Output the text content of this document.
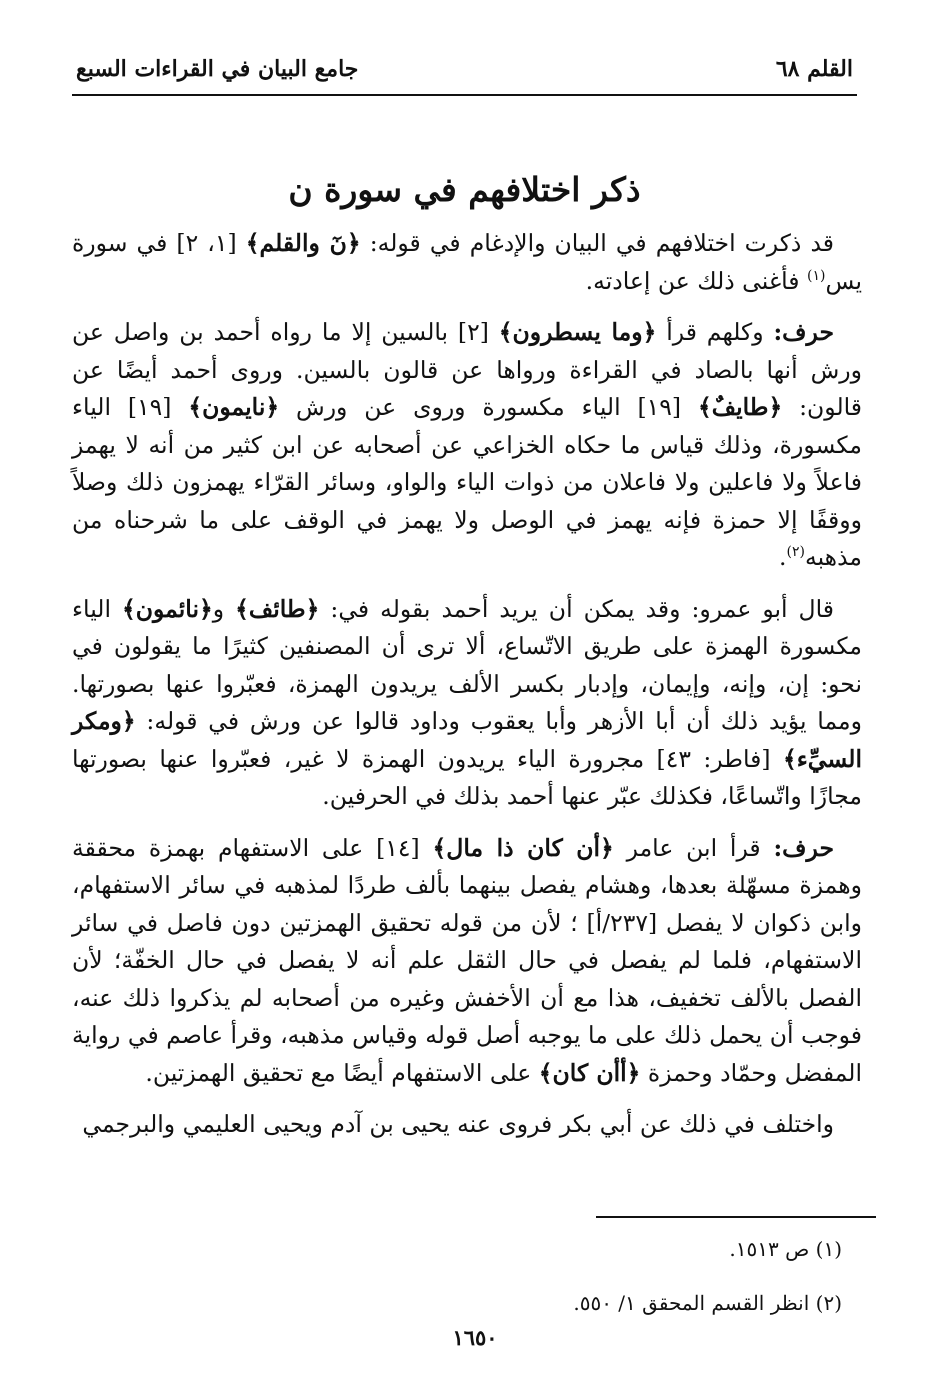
القلم ٦٨
جامع البيان في القراءات السبع
ذكر اختلافهم في سورة ن

قد ذكرت اختلافهم في البيان والإدغام في قوله: ﴿نٓ والقلم﴾ [١، ٢] في سورة يس$^{(١)}$ فأغنى ذلك عن إعادته.

حرف: وكلهم قرأ ﴿وما يسطرون﴾ [٢] بالسين إلا ما رواه أحمد بن واصل عن ورش أنها بالصاد في القراءة ورواها عن قالون بالسين. وروى أحمد أيضًا عن قالون: ﴿طايفٌ﴾ [١٩] الياء مكسورة وروى عن ورش ﴿نايمون﴾ [١٩] الياء مكسورة، وذلك قياس ما حكاه الخزاعي عن أصحابه عن ابن كثير من أنه لا يهمز فاعلاً ولا فاعلين ولا فاعلان من ذوات الياء والواو، وسائر القرّاء يهمزون ذلك وصلاً ووقفًا إلا حمزة فإنه يهمز في الوصل ولا يهمز في الوقف على ما شرحناه من مذهبه$^{(٢)}$.

قال أبو عمرو: وقد يمكن أن يريد أحمد بقوله في: ﴿طائف﴾ و﴿نائمون﴾ الياء مكسورة الهمزة على طريق الاتّساع، ألا ترى أن المصنفين كثيرًا ما يقولون في نحو: إن، وإنه، وإيمان، وإدبار بكسر الألف يريدون الهمزة، فعبّروا عنها بصورتها. ومما يؤيد ذلك أن أبا الأزهر وأبا يعقوب وداود قالوا عن ورش في قوله: ﴿ومكر السيِّء﴾ [فاطر: ٤٣] مجرورة الياء يريدون الهمزة لا غير، فعبّروا عنها بصورتها مجازًا واتّساعًا، فكذلك عبّر عنها أحمد بذلك في الحرفين.

حرف: قرأ ابن عامر ﴿أن كان ذا مال﴾ [١٤] على الاستفهام بهمزة محققة وهمزة مسهّلة بعدها، وهشام يفصل بينهما بألف طردًا لمذهبه في سائر الاستفهام، وابن ذكوان لا يفصل [٢٣٧/أ] ؛ لأن من قوله تحقيق الهمزتين دون فاصل في سائر الاستفهام، فلما لم يفصل في حال الثقل علم أنه لا يفصل في حال الخفّة؛ لأن الفصل بالألف تخفيف، هذا مع أن الأخفش وغيره من أصحابه لم يذكروا ذلك عنه، فوجب أن يحمل ذلك على ما يوجبه أصل قوله وقياس مذهبه، وقرأ عاصم في رواية المفضل وحمّاد وحمزة ﴿أأن كان﴾ على الاستفهام أيضًا مع تحقيق الهمزتين.

واختلف في ذلك عن أبي بكر فروى عنه يحيى بن آدم ويحيى العليمي والبرجمي

(١) ص ١٥١٣.
(٢) انظر القسم المحقق ١/ ٥٥٠.
١٦٥٠
